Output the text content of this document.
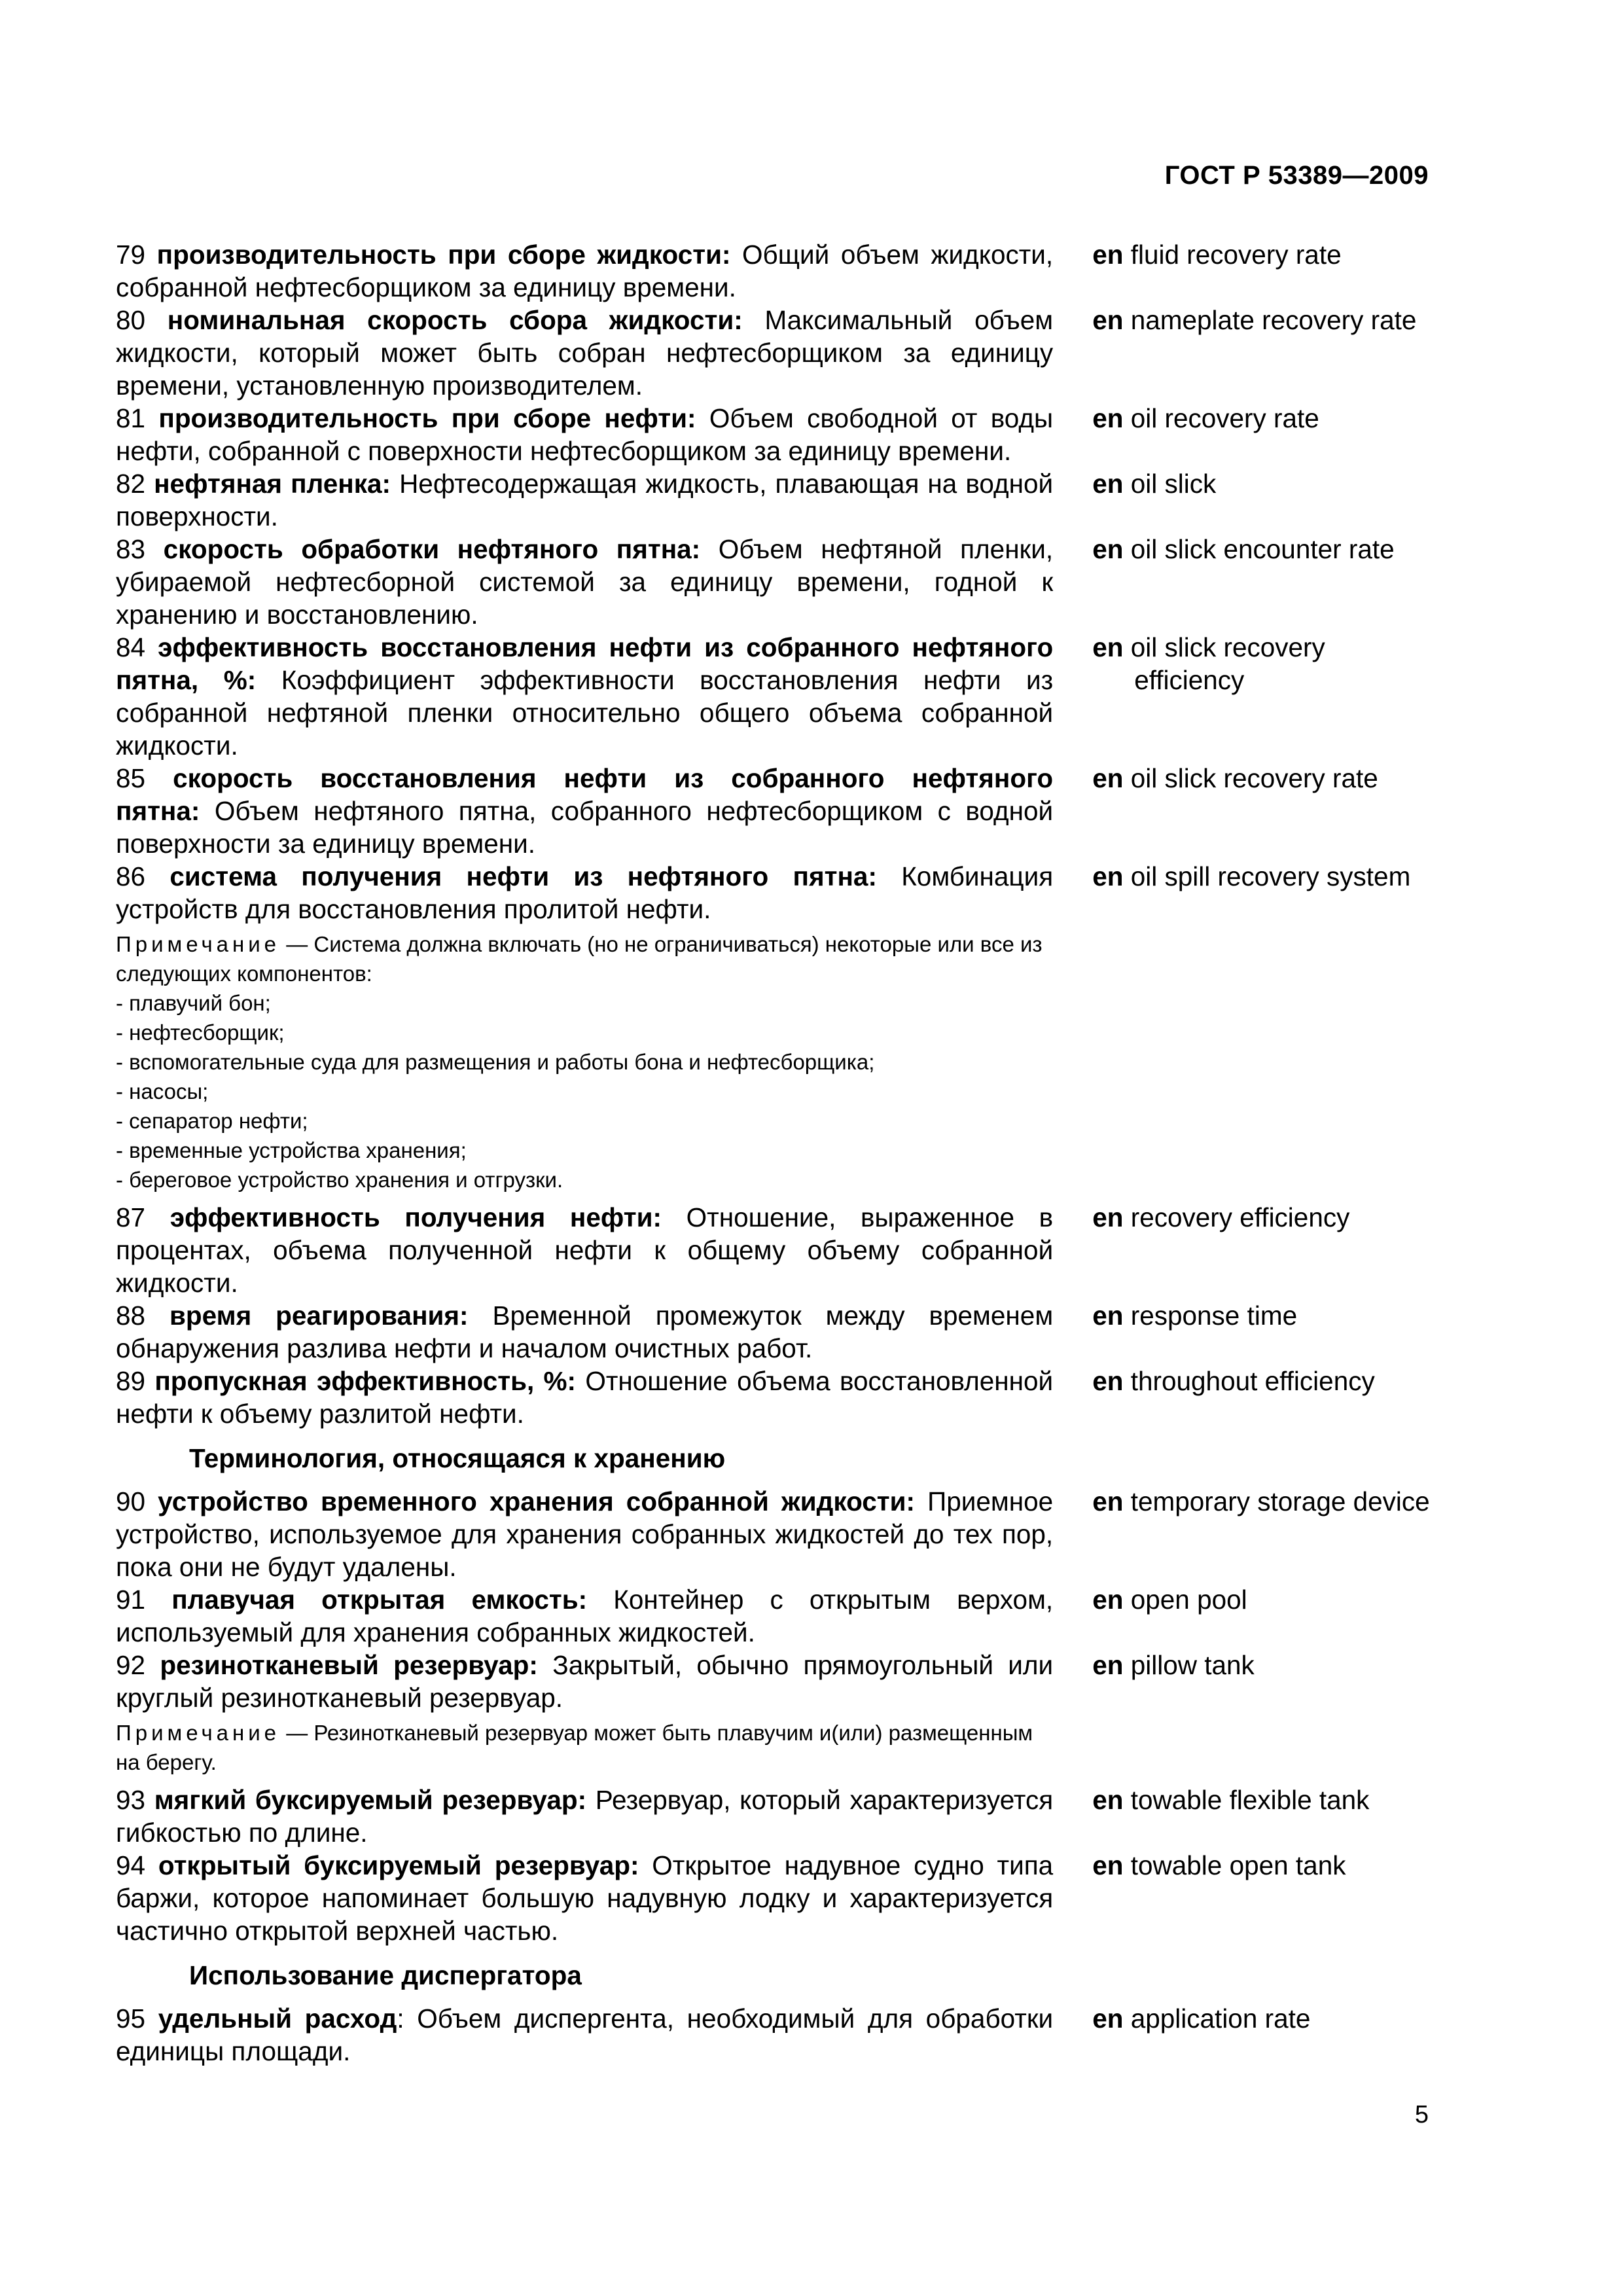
ГОСТ Р 53389—2009
79 производительность при сборе жидкости: Общий объем жидкости, собранной нефтесборщиком за единицу времени.
en fluid recovery rate
80 номинальная скорость сбора жидкости: Максимальный объем жидкости, который может быть собран нефтесборщиком за единицу времени, установленную производителем.
en nameplate recovery rate
81 производительность при сборе нефти: Объем свободной от воды нефти, собранной с поверхности нефтесборщиком за единицу времени.
en oil recovery rate
82 нефтяная пленка: Нефтесодержащая жидкость, плавающая на водной поверхности.
en oil slick
83 скорость обработки нефтяного пятна: Объем нефтяной пленки, убираемой нефтесборной системой за единицу времени, годной к хранению и восстановлению.
en oil slick encounter rate
84 эффективность восстановления нефти из собранного нефтяного пятна, %: Коэффициент эффективности восстановления нефти из собранной нефтяной пленки относительно общего объема собранной жидкости.
en oil slick recovery
efficiency
85 скорость восстановления нефти из собранного нефтяного пятна: Объем нефтяного пятна, собранного нефтесборщиком с водной поверхности за единицу времени.
en oil slick recovery rate
86 система получения нефти из нефтяного пятна: Комбинация устройств для восстановления пролитой нефти.
en oil spill recovery system
Примечание — Система должна включать (но не ограничиваться) некоторые или все из следующих компонентов:
- плавучий бон;
- нефтесборщик;
- вспомогательные суда для размещения и работы бона и нефтесборщика;
- насосы;
- сепаратор нефти;
- временные устройства хранения;
- береговое устройство хранения и отгрузки.
87 эффективность получения нефти: Отношение, выраженное в процентах, объема полученной нефти к общему объему собранной жидкости.
en recovery efficiency
88 время реагирования: Временной промежуток между временем обнаружения разлива нефти и началом очистных работ.
en response time
89 пропускная эффективность, %: Отношение объема восстановленной нефти к объему разлитой нефти.
en throughout efficiency
Терминология, относящаяся к хранению
90 устройство временного хранения собранной жидкости: Приемное устройство, используемое для хранения собранных жидкостей до тех пор, пока они не будут удалены.
en temporary storage device
91 плавучая открытая емкость: Контейнер с открытым верхом, используемый для хранения собранных жидкостей.
en open pool
92 резинотканевый резервуар: Закрытый, обычно прямоугольный или круглый резинотканевый резервуар.
en pillow tank
Примечание — Резинотканевый резервуар может быть плавучим и(или) размещенным на берегу.
93 мягкий буксируемый резервуар: Резервуар, который характеризуется гибкостью по длине.
en towable flexible tank
94 открытый буксируемый резервуар: Открытое надувное судно типа баржи, которое напоминает большую надувную лодку и характеризуется частично открытой верхней частью.
en towable open tank
Использование диспергатора
95 удельный расход: Объем диспергента, необходимый для обработки единицы площади.
en application rate
5
